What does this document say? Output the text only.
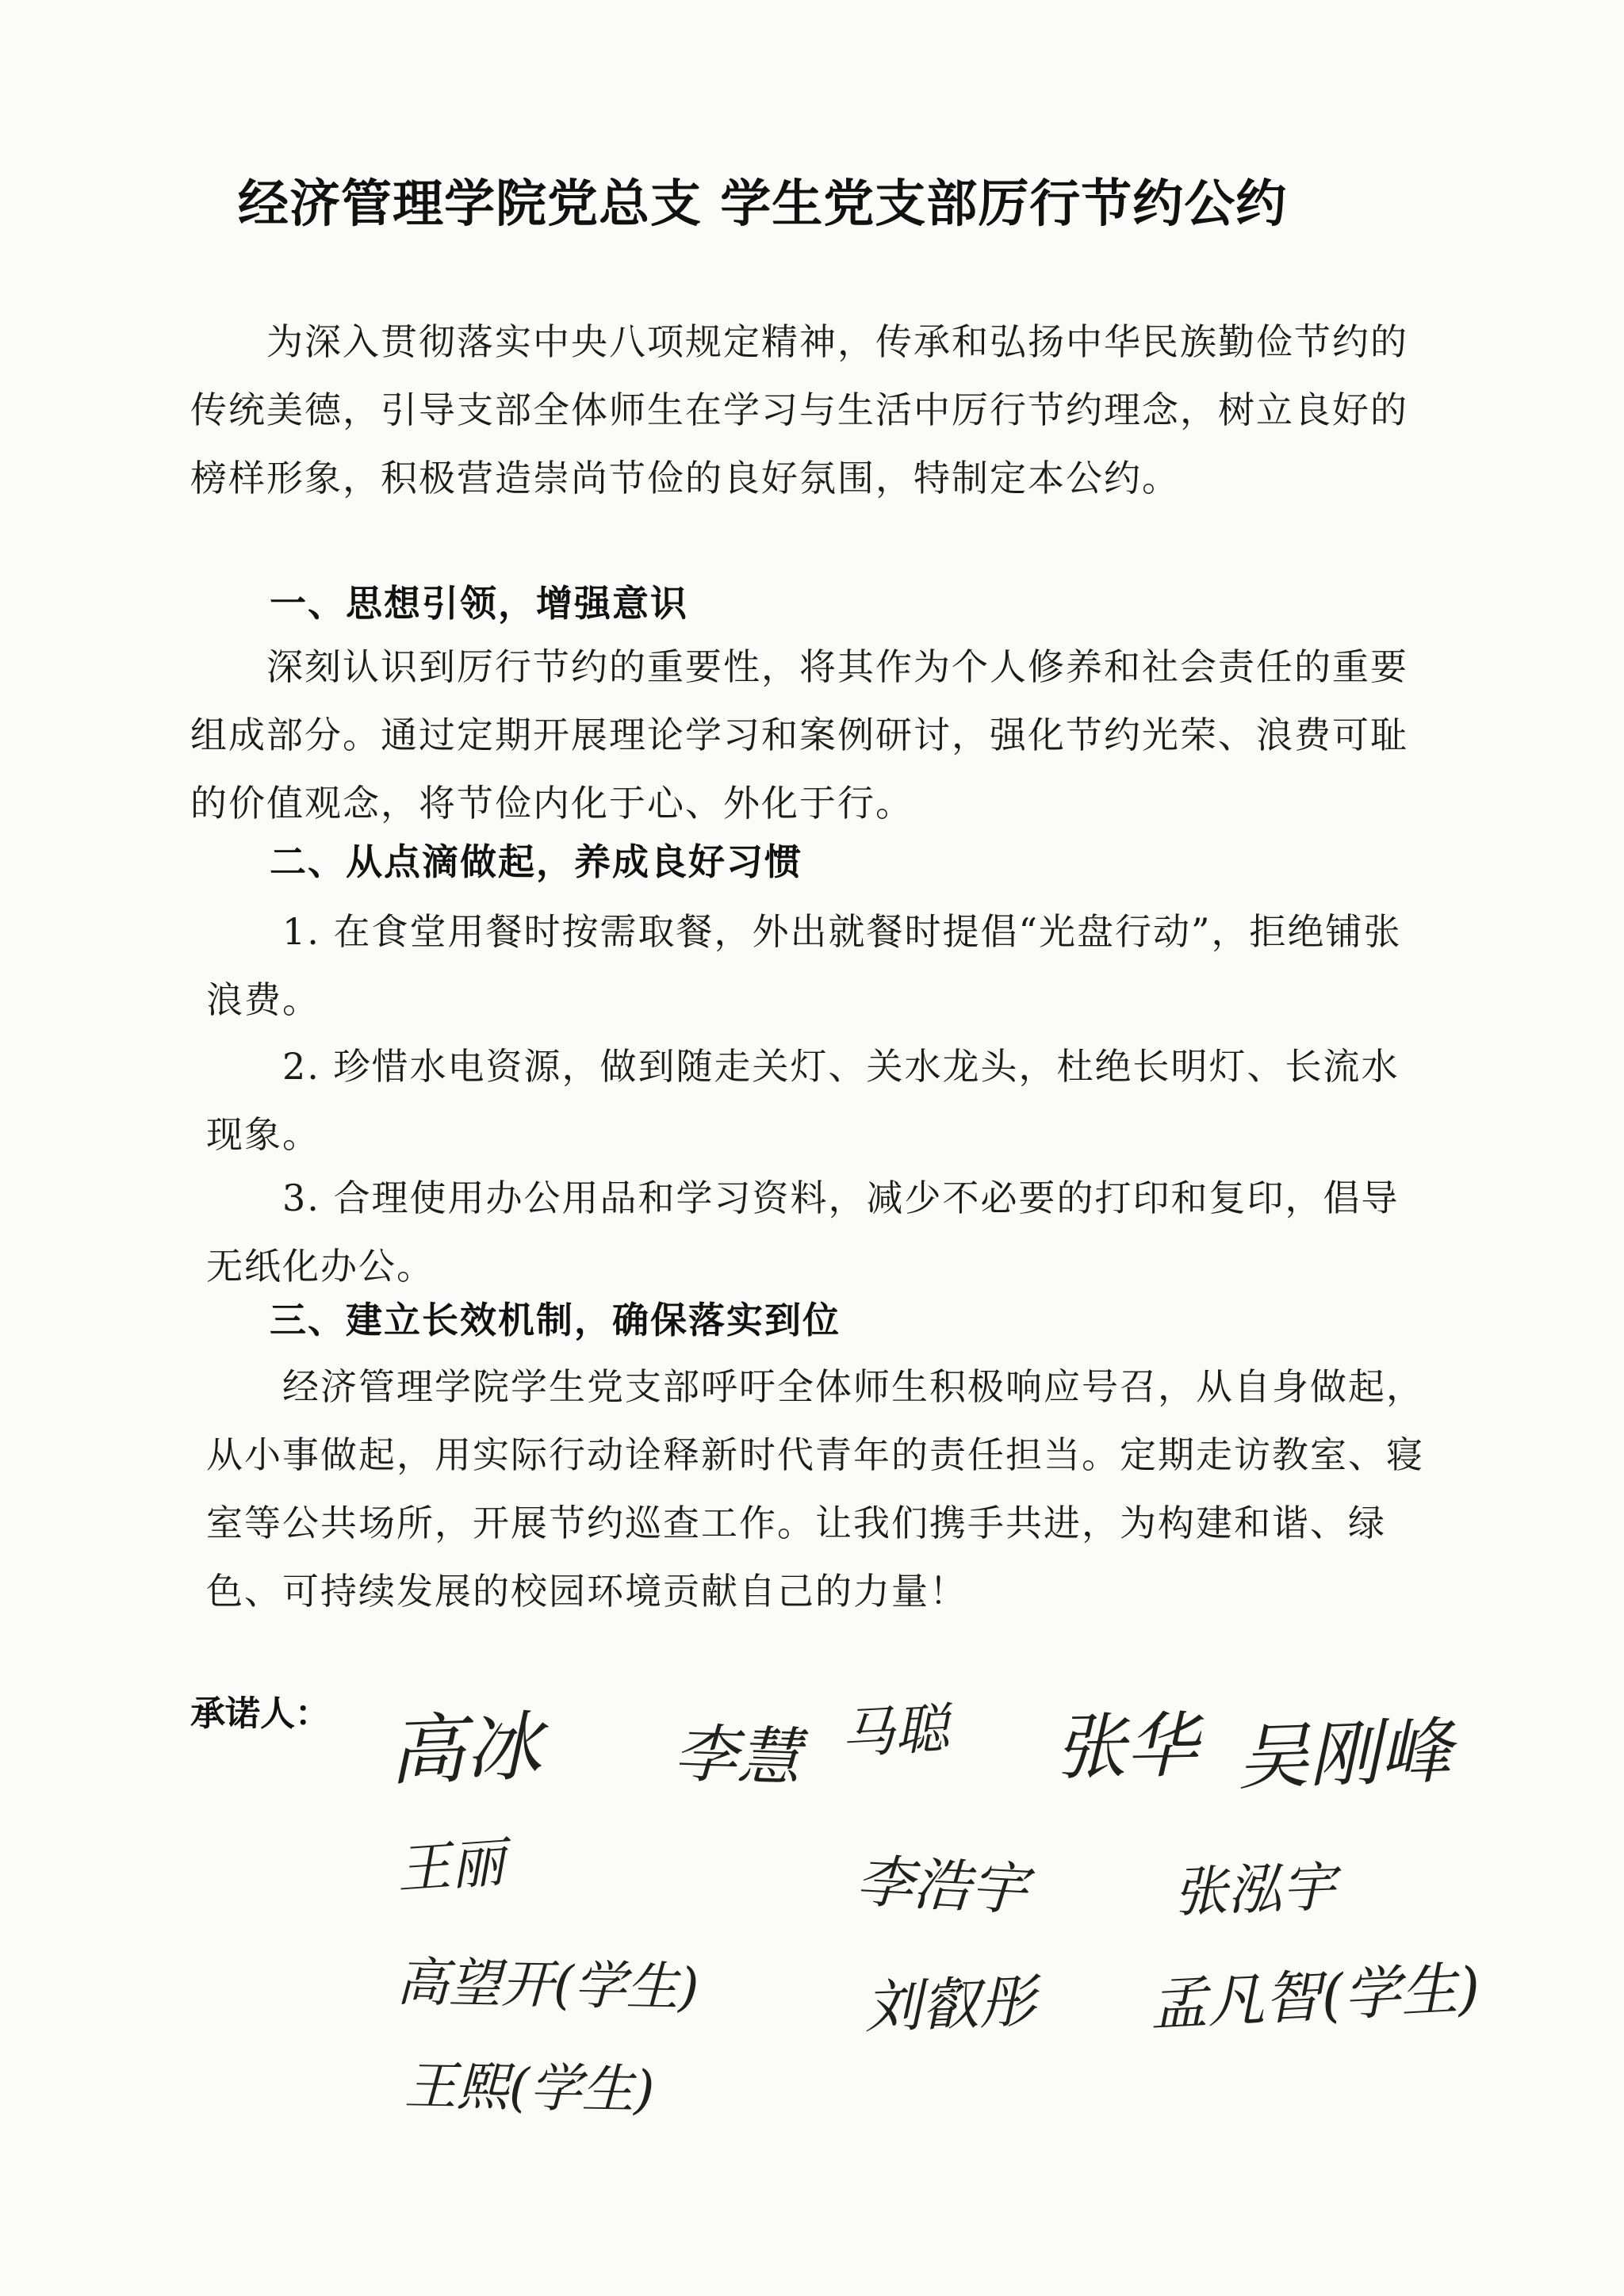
经济管理学院党总支 学生党支部厉行节约公约
为深入贯彻落实中央八项规定精神，传承和弘扬中华民族勤俭节约的传统美德，引导支部全体师生在学习与生活中厉行节约理念，树立良好的榜样形象，积极营造崇尚节俭的良好氛围，特制定本公约。
一、思想引领，增强意识
深刻认识到厉行节约的重要性，将其作为个人修养和社会责任的重要组成部分。通过定期开展理论学习和案例研讨，强化节约光荣、浪费可耻的价值观念，将节俭内化于心、外化于行。
二、从点滴做起，养成良好习惯
1. 在食堂用餐时按需取餐，外出就餐时提倡“光盘行动”，拒绝铺张浪费。
2. 珍惜水电资源，做到随走关灯、关水龙头，杜绝长明灯、长流水现象。
3. 合理使用办公用品和学习资料，减少不必要的打印和复印，倡导无纸化办公。
三、建立长效机制，确保落实到位
经济管理学院学生党支部呼吁全体师生积极响应号召，从自身做起，从小事做起，用实际行动诠释新时代青年的责任担当。定期走访教室、寝室等公共场所，开展节约巡查工作。让我们携手共进，为构建和谐、绿色、可持续发展的校园环境贡献自己的力量！
承诺人： 高冰 李慧 马聪 张华 吴刚峰
王丽	李浩宇	张泓宇
高望开(学生)	刘叡彤 孟凡智(学生)
王熙(学生)
